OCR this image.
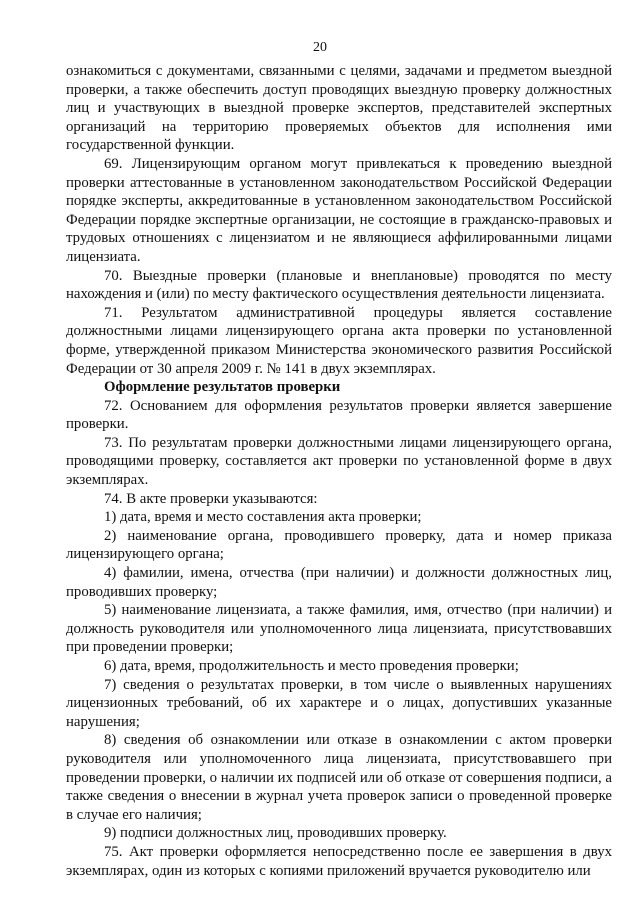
20

ознакомиться с документами, связанными с целями, задачами и предметом выездной проверки, а также обеспечить доступ проводящих выездную проверку должностных лиц и участвующих в выездной проверке экспертов, представителей экспертных организаций на территорию проверяемых объектов для исполнения ими государственной функции.

69. Лицензирующим органом могут привлекаться к проведению выездной проверки аттестованные в установленном законодательством Российской Федерации порядке эксперты, аккредитованные в установленном законодательством Российской Федерации порядке экспертные организации, не состоящие в гражданско-правовых и трудовых отношениях с лицензиатом и не являющиеся аффилированными лицами лицензиата.

70. Выездные проверки (плановые и внеплановые) проводятся по месту нахождения и (или) по месту фактического осуществления деятельности лицензиата.

71. Результатом административной процедуры является составление должностными лицами лицензирующего органа акта проверки по установленной форме, утвержденной приказом Министерства экономического развития Российской Федерации от 30 апреля 2009 г. № 141 в двух экземплярах.

Оформление результатов проверки

72. Основанием для оформления результатов проверки является завершение проверки.

73. По результатам проверки должностными лицами лицензирующего органа, проводящими проверку, составляется акт проверки по установленной форме в двух экземплярах.

74. В акте проверки указываются:

1) дата, время и место составления акта проверки;

2) наименование органа, проводившего проверку, дата и номер приказа лицензирующего органа;

4) фамилии, имена, отчества (при наличии) и должности должностных лиц, проводивших проверку;

5) наименование лицензиата, а также фамилия, имя, отчество (при наличии) и должность руководителя или уполномоченного лица лицензиата, присутствовавших при проведении проверки;

6) дата, время, продолжительность и место проведения проверки;

7) сведения о результатах проверки, в том числе о выявленных нарушениях лицензионных требований, об их характере и о лицах, допустивших указанные нарушения;

8) сведения об ознакомлении или отказе в ознакомлении с актом проверки руководителя или уполномоченного лица лицензиата, присутствовавшего при проведении проверки, о наличии их подписей или об отказе от совершения подписи, а также сведения о внесении в журнал учета проверок записи о проведенной проверке в случае его наличия;

9) подписи должностных лиц, проводивших проверку.

75. Акт проверки оформляется непосредственно после ее завершения в двух экземплярах, один из которых с копиями приложений вручается руководителю или
